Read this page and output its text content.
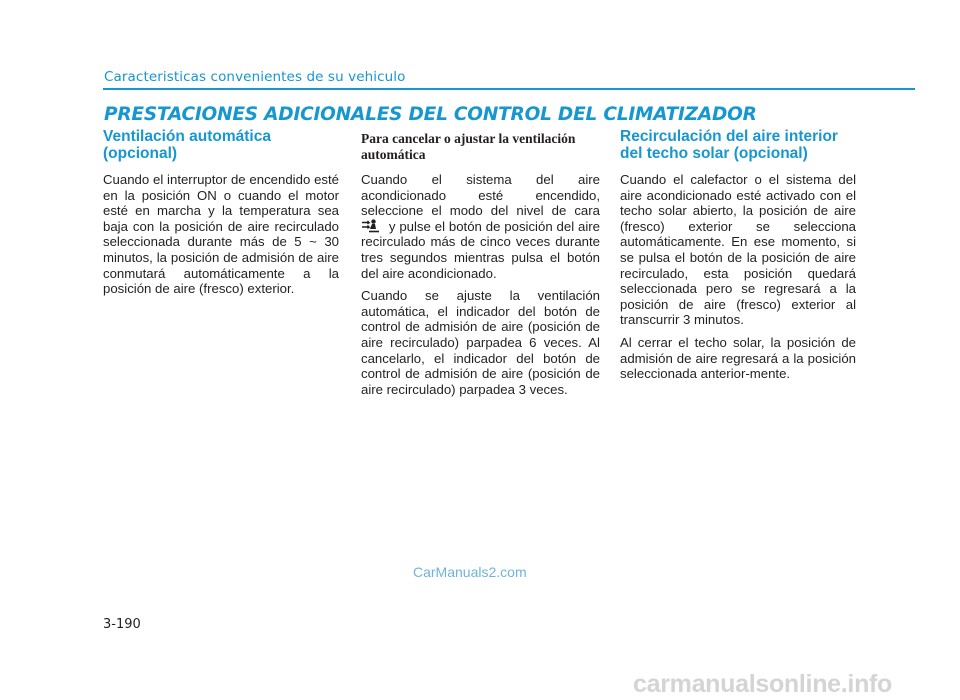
Caracteristicas convenientes de su vehiculo
PRESTACIONES ADICIONALES DEL CONTROL DEL CLIMATIZADOR
Ventilación automática (opcional)

Cuando el interruptor de encendido esté en la posición ON o cuando el motor esté en marcha y la temperatura sea baja con la posición de aire recirculado seleccionada durante más de 5 ~ 30 minutos, la posición de admisión de aire conmutará automáticamente a la posición de aire (fresco) exterior.

Para cancelar o ajustar la ventilación automática

Cuando el sistema del aire acondicionado esté encendido, seleccione el modo del nivel de cara  y pulse el botón de posición del aire recirculado más de cinco veces durante tres segundos mientras pulsa el botón del aire acondicionado.

Cuando se ajuste la ventilación automática, el indicador del botón de control de admisión de aire (posición de aire recirculado) parpadea 6 veces. Al cancelarlo, el indicador del botón de control de admisión de aire (posición de aire recirculado) parpadea 3 veces.

Recirculación del aire interior del techo solar (opcional)

Cuando el calefactor o el sistema del aire acondicionado esté activado con el techo solar abierto, la posición de aire (fresco) exterior se selecciona automáticamente. En ese momento, si se pulsa el botón de la posición de aire recirculado, esta posición quedará seleccionada pero se regresará a la posición de aire (fresco) exterior al transcurrir 3 minutos.

Al cerrar el techo solar, la posición de admisión de aire regresará a la posición seleccionada anterior-mente.

CarManuals2.com
3-190
carmanualsonline.info
